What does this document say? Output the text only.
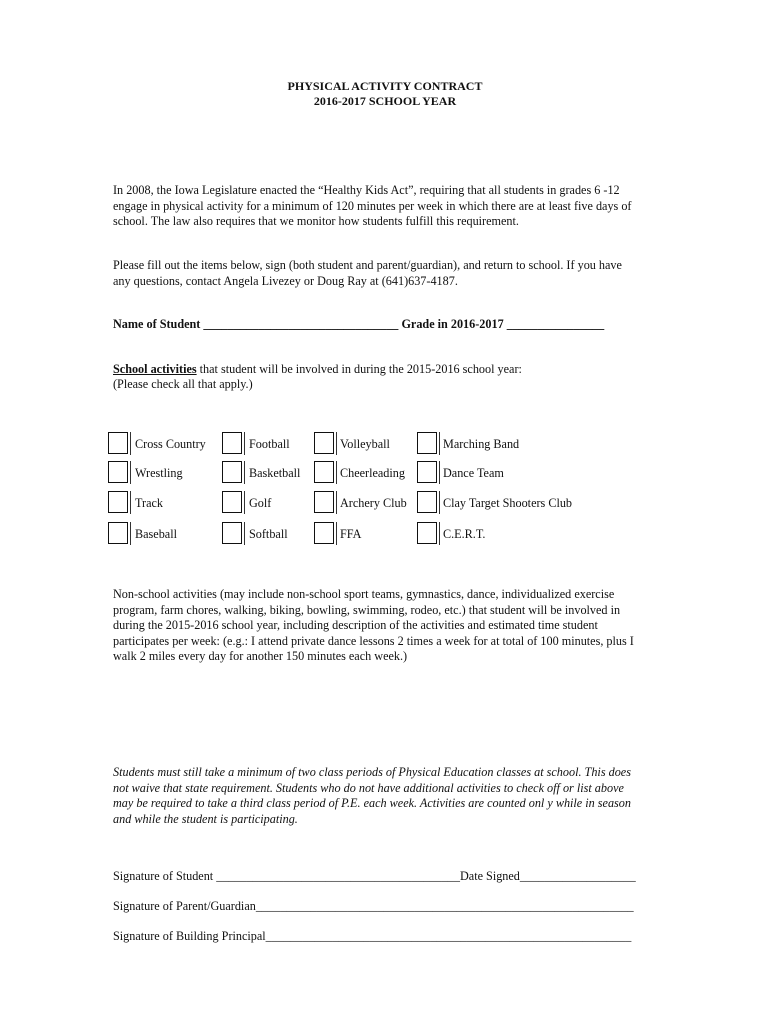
PHYSICAL ACTIVITY CONTRACT
2016-2017 SCHOOL YEAR

In 2008, the Iowa Legislature enacted the “Healthy Kids Act”, requiring that all students in grades 6 -12

engage in physical activity for a minimum of 120 minutes per week in which there are at least five days of

school. The law also requires that we monitor how students fulfill this requirement.

Please fill out the items below, sign (both student and parent/guardian), and return to school. If you have

any questions, contact Angela Livezey or Doug Ray at (641)637-4187.

Name of Student ________________________________ Grade in 2016-2017 ________________
School activities that student will be involved in during the 2015-2016 school year:
(Please check all that apply.)
Cross Country
Wrestling
Track
Baseball
Football
Basketball
Golf
Softball
Volleyball
Cheerleading
Archery Club
FFA
Marching Band
Dance Team
Clay Target Shooters Club
C.E.R.T.

Non-school activities (may include non-school sport teams, gymnastics, dance, individualized exercise

program, farm chores, walking, biking, bowling, swimming, rodeo, etc.) that student will be involved in

during the 2015-2016 school year, including description of the activities and estimated time student

participates per week: (e.g.: I attend private dance lessons 2 times a week for at total of 100 minutes, plus I

walk 2 miles every day for another 150 minutes each week.)

Students must still take a minimum of two class periods of Physical Education classes at school. This does

not waive that state requirement. Students who do not have additional activities to check off or list above

may be required to take a third class period of P.E. each week. Activities are counted onl y while in season

and while the student is participating.

Signature of Student ________________________________________Date Signed___________________
Signature of Parent/Guardian______________________________________________________________
Signature of Building Principal____________________________________________________________
